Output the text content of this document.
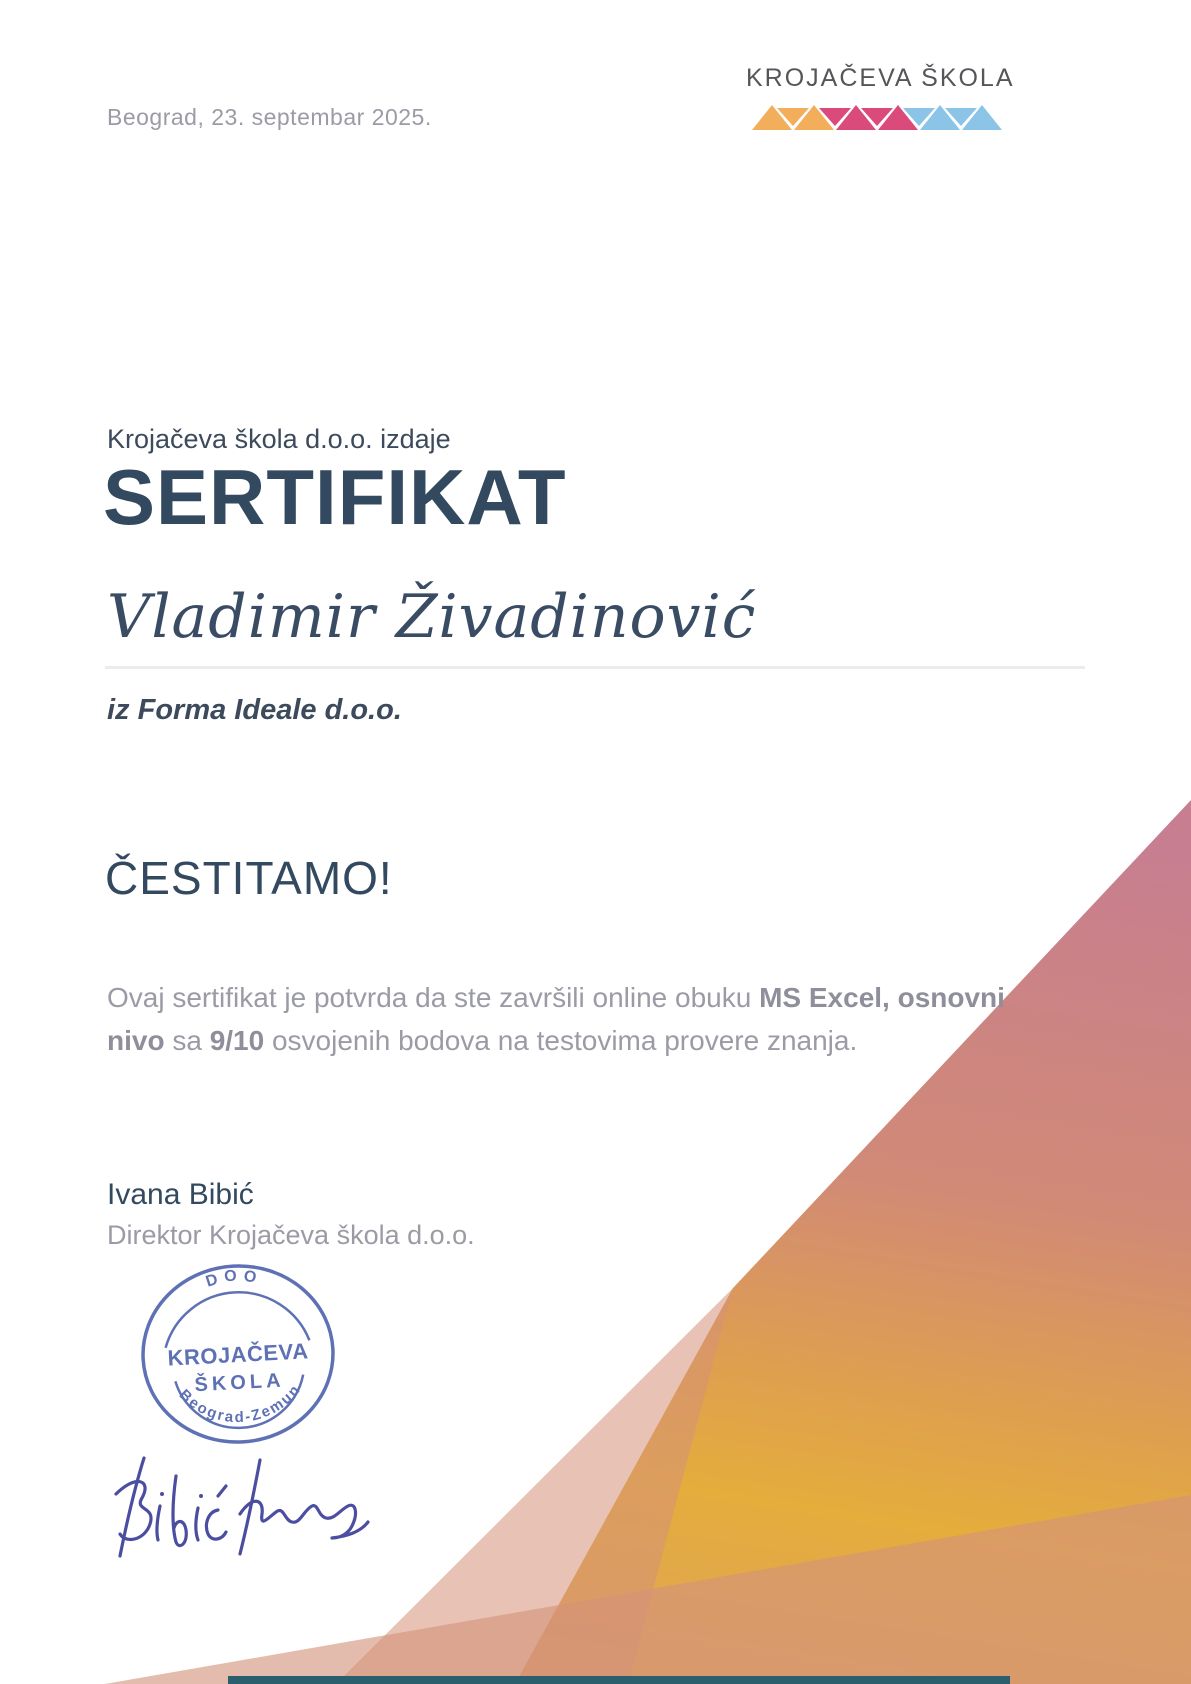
Beograd, 23. septembar 2025.
KROJAČEVA ŠKOLA
Krojačeva škola d.o.o. izdaje
SERTIFIKAT
Vladimir Živadinović
iz Forma Ideale d.o.o.
ČESTITAMO!

Ovaj sertifikat je potvrda da ste završili online obuku MS Excel, osnovni
nivo sa 9/10 osvojenih bodova na testovima provere znanja.

Ivana Bibić
Direktor Krojačeva škola d.o.o.
DOO
KROJAČEVA
ŠKOLA
Beograd-Zemun
